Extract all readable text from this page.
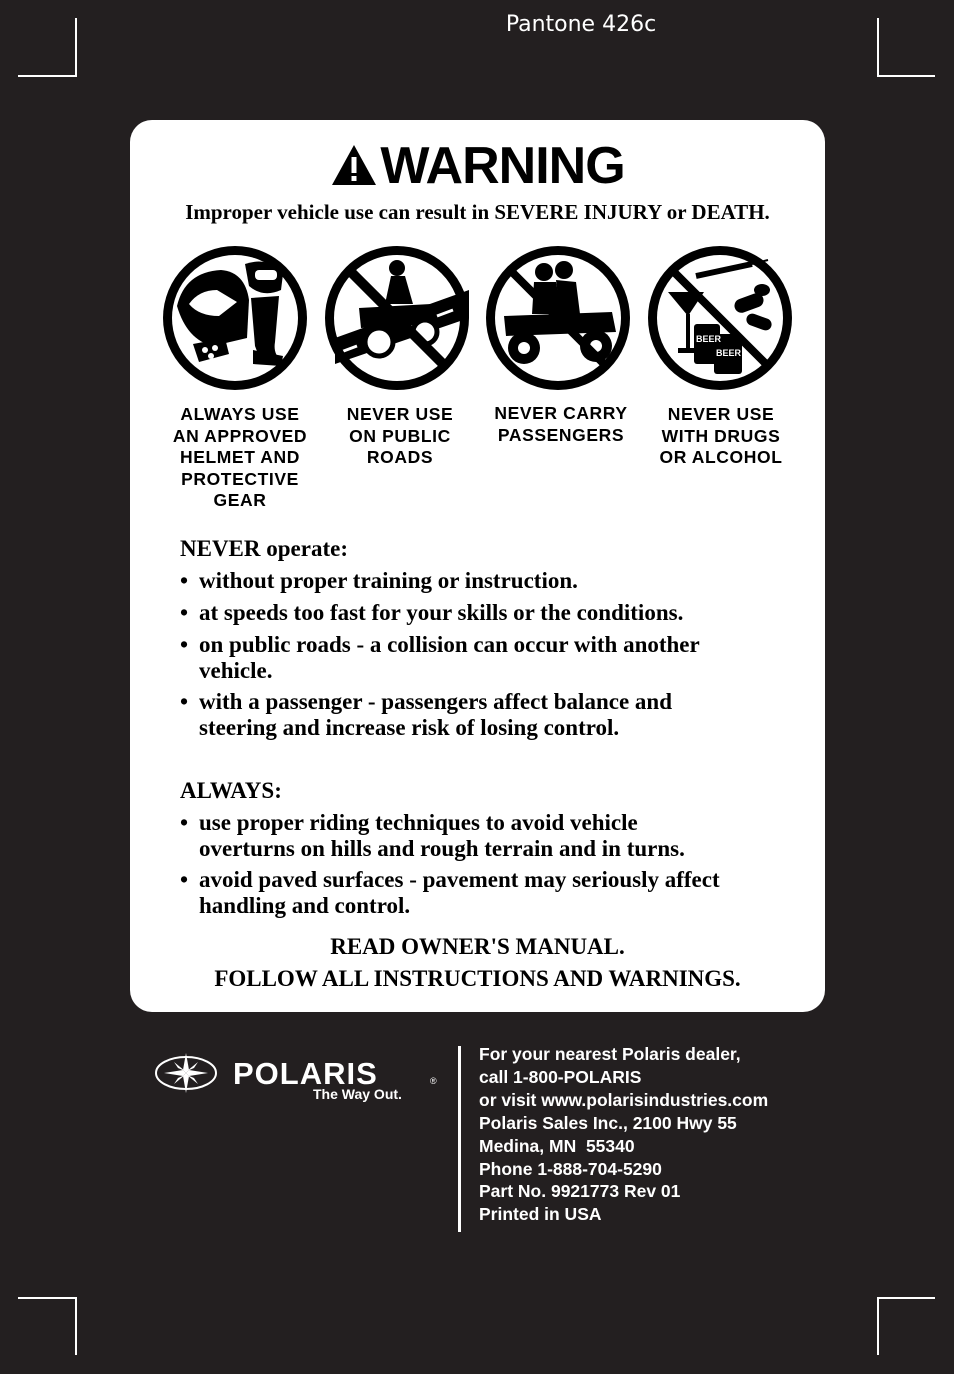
Pantone 426c
WARNING
Improper vehicle use can result in SEVERE INJURY or DEATH.
BEER
BEER
ALWAYS USE
AN APPROVED
HELMET AND
PROTECTIVE
GEAR
NEVER USE
ON PUBLIC
ROADS
NEVER CARRY
PASSENGERS
NEVER USE
WITH DRUGS
OR ALCOHOL
NEVER operate:
• without proper training or instruction.
• at speeds too fast for your skills or the conditions.
• on public roads - a collision can occur with another
vehicle.
• with a passenger - passengers affect balance and
steering and increase risk of losing control.
ALWAYS:
• use proper riding techniques to avoid vehicle
overturns on hills and rough terrain and in turns.
• avoid paved surfaces - pavement may seriously affect
handling and control.
READ OWNER'S MANUAL.
FOLLOW ALL INSTRUCTIONS AND WARNINGS.
POLARIS	®
The Way Out.
For your nearest Polaris dealer,
call 1-800-POLARIS
or visit www.polarisindustries.com
Polaris Sales Inc., 2100 Hwy 55
Medina, MN  55340
Phone 1-888-704-5290
Part No. 9921773 Rev 01
Printed in USA
